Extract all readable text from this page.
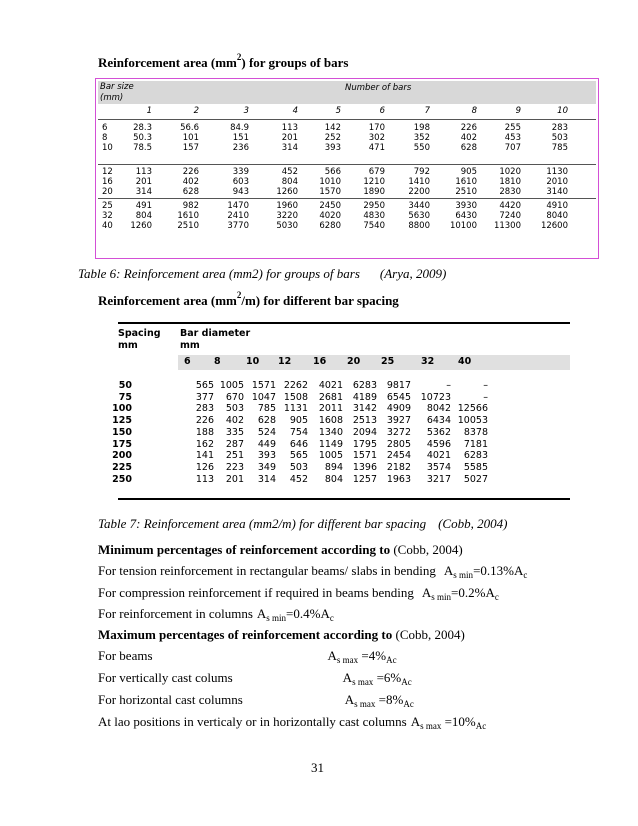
Reinforcement area $(mm^2)$ for groups of bars
Bar size
(mm)
Number of bars
1	2	3	4	5	6	7	8	9	10
6	28.3	56.6	84.9	113	142	170	198	226	255	283
8	50.3	101	151	201	252	302	352	402	453	503
10	78.5	157	236	314	393	471	550	628	707	785
12	113	226	339	452	566	679	792	905	1020	1130
16	201	402	603	804	1010	1210	1410	1610	1810	2010
20	314	628	943	1260	1570	1890	2200	2510	2830	3140
25	491	982	1470	1960	2450	2950	3440	3930	4420	4910
32	804	1610	2410	3220	4020	4830	5630	6430	7240	8040
40	1260	2510	3770	5030	6280	7540	8800	10100	11300	12600
Table 6: Reinforcement area (mm2) for groups of bars (Arya, 2009)
Reinforcement area $(mm^2/m)$ for different bar spacing
Spacing
mm
Bar diameter
mm
6 8	10 12 16 20 25	32	40
50	565 1005 1571 2262	4021	6283	9817	–	–
75	377	670 1047 1508	2681	4189	6545	10723	–
100	283	503	785 1131	2011	3142	4909	8042 12566
125	226	402	628	905	1608	2513	3927	6434 10053
150	188	335	524	754	1340	2094	3272	5362	8378
175	162	287	449	646	1149	1795	2805	4596	7181
200	141	251	393	565	1005	1571	2454	4021	6283
225	126	223	349	503	894	1396	2182	3574	5585
250	113	201	314	452	804	1257	1963	3217	5027
Table 7: Reinforcement area (mm2/m) for different bar spacing (Cobb, 2004)
Minimum percentages of reinforcement according to (Cobb, 2004)
For tension reinforcement in rectangular beams/ slabs in bending $A_{s min}=0.13\%A_c$
For compression reinforcement if required in beams bending $A_{s min}=0.2\%A_c$
For reinforcement in columns $A_{s min}=0.4\%A_c$
Maximum percentages of reinforcement according to (Cobb, 2004)
For beams	$A_{s max} =4\%_{Ac}$
For vertically cast colums	$A_{s max} =6\%_{Ac}$
For horizontal cast columns	$A_{s max} =8\%_{Ac}$
At lao positions in verticaly or in horizontally cast columns $A_{s max} =10\%_{Ac}$
31
